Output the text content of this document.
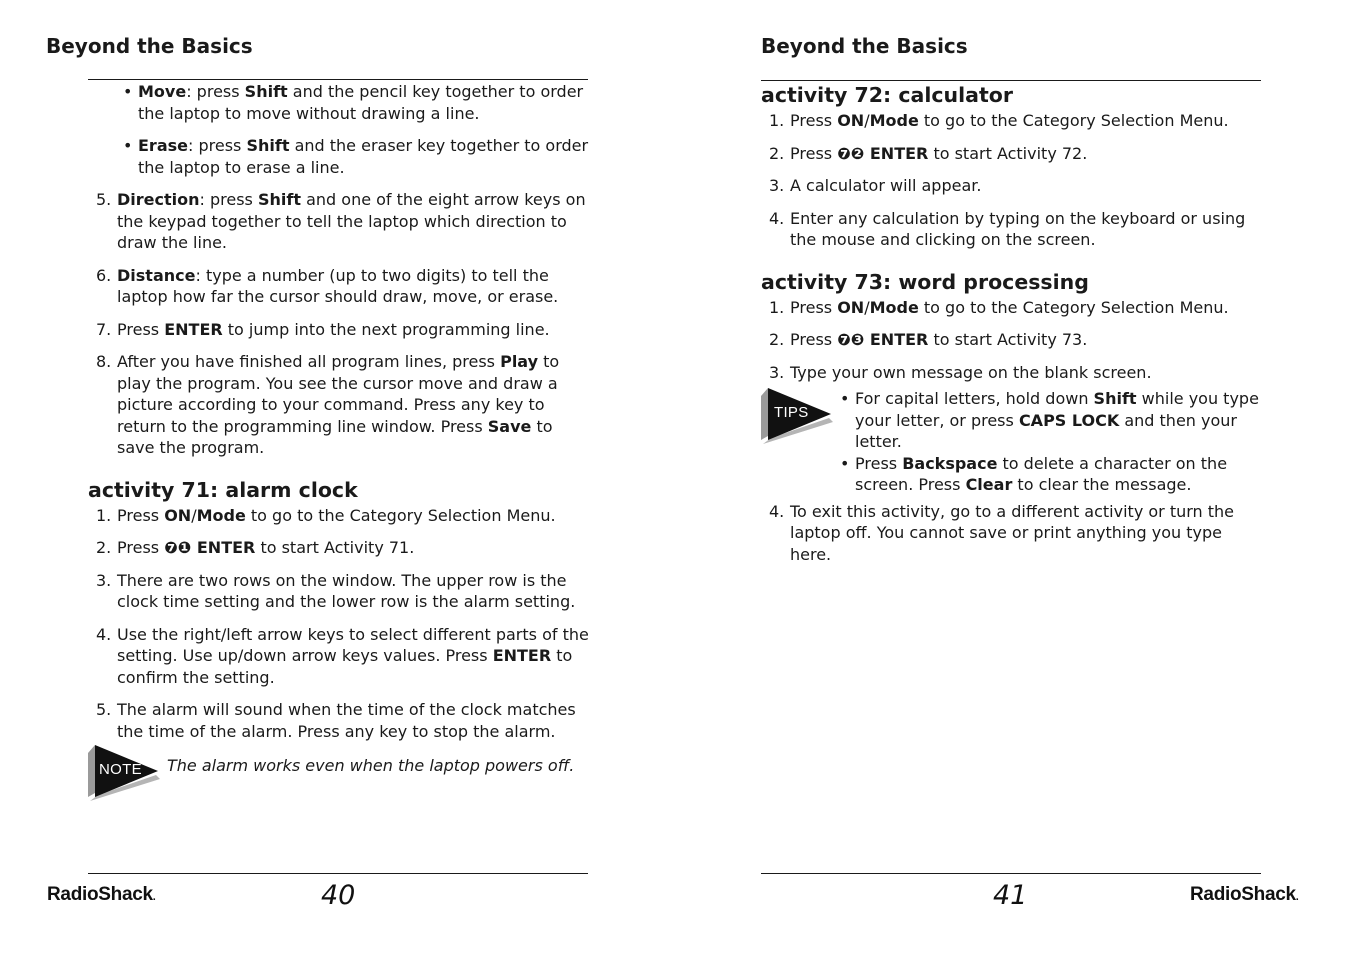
Beyond the Basics
• Move: press Shift and the pencil key together to order the laptop to move without drawing a line.
• Erase: press Shift and the eraser key together to order the laptop to erase a line.
5. Direction: press Shift and one of the eight arrow keys on the keypad together to tell the laptop which direction to draw the line.
6. Distance: type a number (up to two digits) to tell the laptop how far the cursor should draw, move, or erase.
7. Press ENTER to jump into the next programming line.
8. After you have finished all program lines, press Play to play the program. You see the cursor move and draw a picture according to your command. Press any key to return to the programming line window. Press Save to save the program.
activity 71: alarm clock
1. Press ON/Mode to go to the Category Selection Menu.
2. Press ❼❶ ENTER to start Activity 71.
3. There are two rows on the window. The upper row is the clock time setting and the lower row is the alarm setting.
4. Use the right/left arrow keys to select different parts of the setting. Use up/down arrow keys values. Press ENTER to confirm the setting.
5. The alarm will sound when the time of the clock matches the time of the alarm. Press any key to stop the alarm.
NOTE The alarm works even when the laptop powers off.
RadioShack.	40
Beyond the Basics
activity 72: calculator
1. Press ON/Mode to go to the Category Selection Menu.
2. Press ❼❷ ENTER to start Activity 72.
3. A calculator will appear.
4. Enter any calculation by typing on the keyboard or using the mouse and clicking on the screen.
activity 73: word processing
1. Press ON/Mode to go to the Category Selection Menu.
2. Press ❼❸ ENTER to start Activity 73.
3. Type your own message on the blank screen.
TIPS
• For capital letters, hold down Shift while you type your letter, or press CAPS LOCK and then your letter.
• Press Backspace to delete a character on the screen. Press Clear to clear the message.
4. To exit this activity, go to a different activity or turn the laptop off. You cannot save or print anything you type here.
41	RadioShack.
